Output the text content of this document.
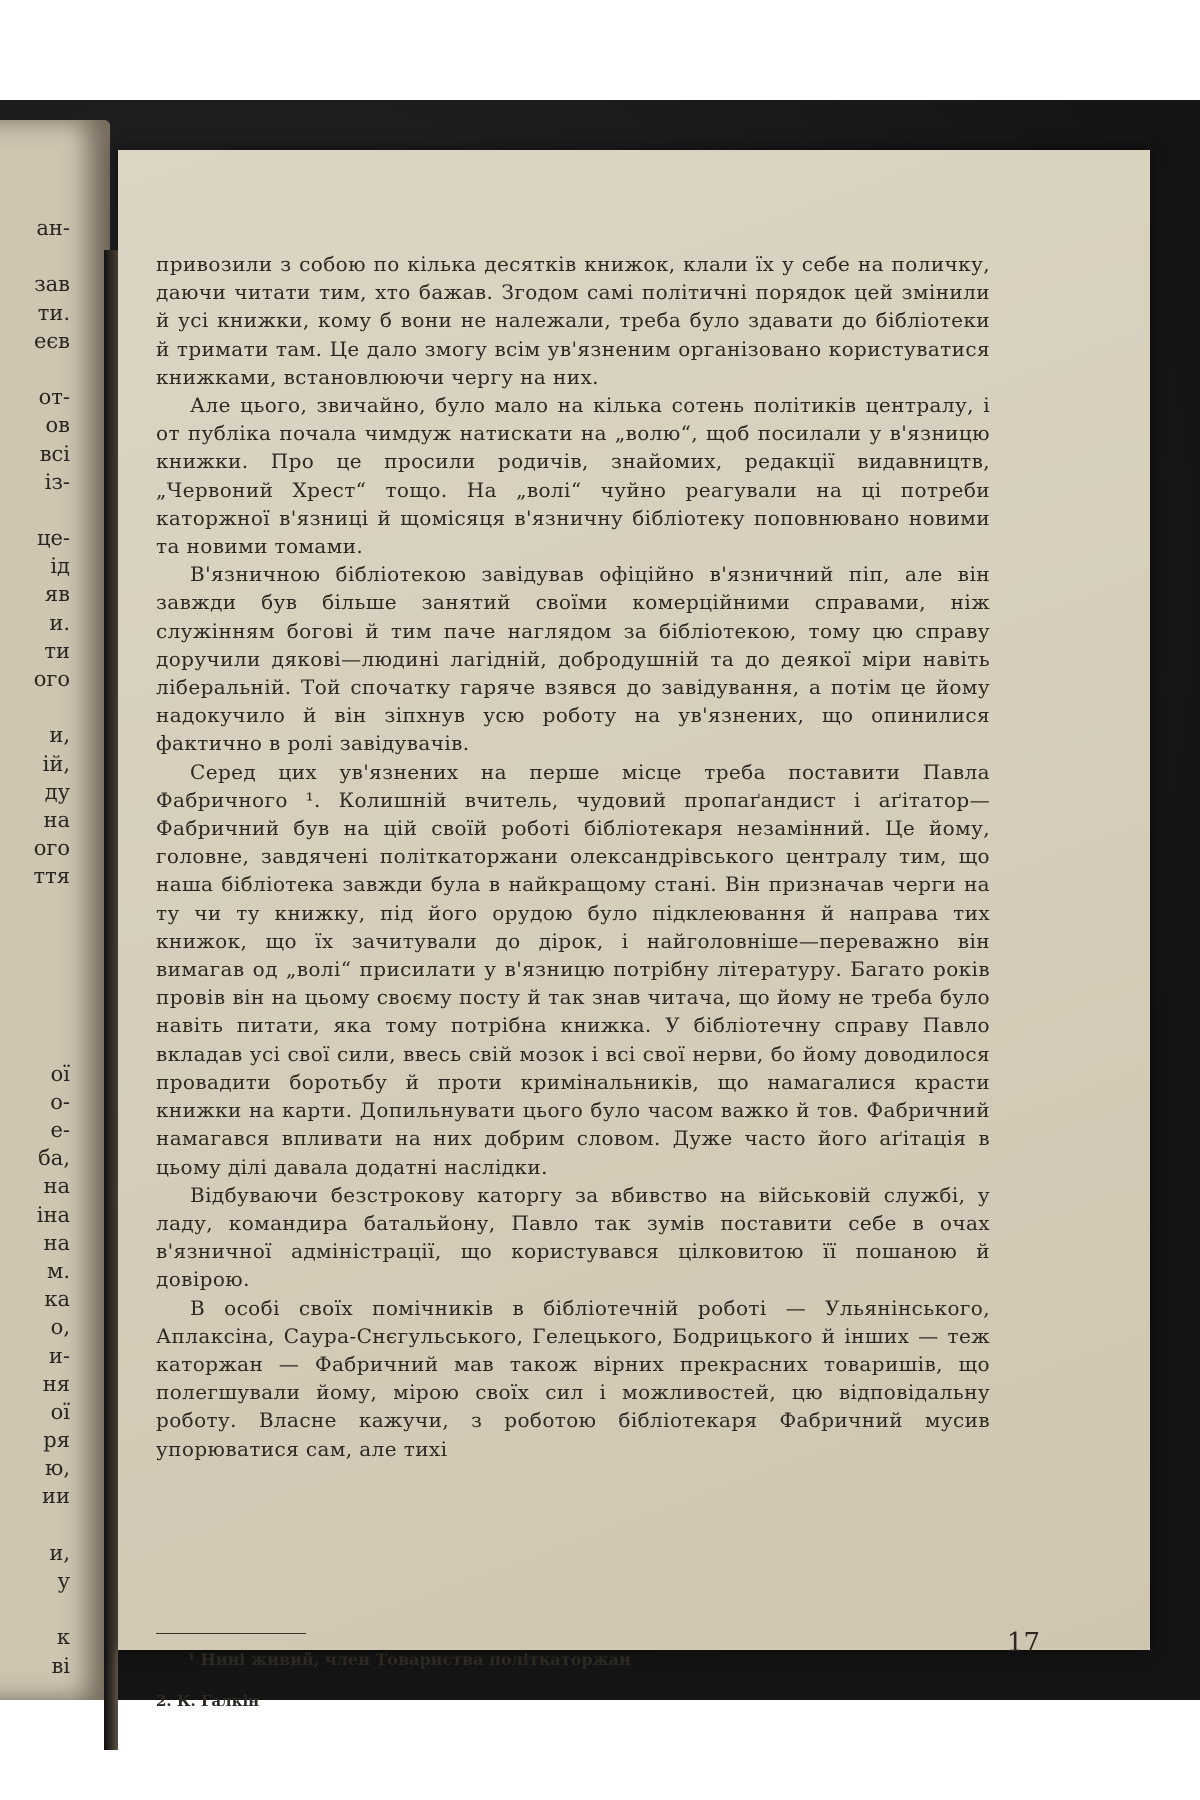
ан-
зав
ти.
еєв
от-
ов
всі
із-
це-
ід
яв
и.
ти
ого
и,
ій,
ду
на
ого
ття
ої
о-
е-
ба,
на
іна
на
м.
ка
о,
и-
ня
ої
ря
ю,
ии
и,
у
к
ві

привозили з собою по кілька десятків книжок, клали їх у себе на поличку, даючи читати тим, хто бажав. Згодом самі політичні порядок цей змінили й усі книжки, кому б вони не належали, треба було здавати до бібліотеки й тримати там. Це дало змогу всім ув'язненим організовано користуватися книжками, встановлюючи чергу на них.

Але цього, звичайно, було мало на кілька сотень політиків централу, і от публіка почала чимдуж натискати на „волю“, щоб посилали у в'язницю книжки. Про це просили родичів, знайомих, редакції видавництв, „Червоний Хрест“ тощо. На „волі“ чуйно реагували на ці потреби каторжної в'язниці й щомісяця в'язничну бібліотеку поповнювано новими та новими томами.

В'язничною бібліотекою завідував офіційно в'язничний піп, але він завжди був більше занятий своїми комерційними справами, ніж служінням богові й тим паче наглядом за бібліотекою, тому цю справу доручили дякові—людині лагідній, добродушній та до деякої міри навіть ліберальній. Той спочатку гаряче взявся до завідування, а потім це йому надокучило й він зіпхнув усю роботу на ув'язнених, що опинилися фактично в ролі завідувачів.

Серед цих ув'язнених на перше місце треба поставити Павла Фабричного ¹. Колишній вчитель, чудовий пропаґандист і аґітатор—Фабричний був на цій своїй роботі бібліотекаря незамінний. Це йому, головне, завдячені політкаторжани олександрівського централу тим, що наша бібліотека завжди була в найкращому стані. Він призначав черги на ту чи ту книжку, під його орудою було підклеювання й направа тих книжок, що їх зачитували до дірок, і найголовніше—переважно він вимагав од „волі“ присилати у в'язницю потрібну літературу. Багато років провів він на цьому своєму посту й так знав читача, що йому не треба було навіть питати, яка тому потрібна книжка. У бібліотечну справу Павло вкладав усі свої сили, ввесь свій мозок і всі свої нерви, бо йому доводилося провадити боротьбу й проти кримінальників, що намагалися красти книжки на карти. Допильнувати цього було часом важко й тов. Фабричний намагався впливати на них добрим словом. Дуже часто його аґітація в цьому ділі давала додатні наслідки.

Відбуваючи безстрокову каторгу за вбивство на військовій службі, у ладу, командира батальйону, Павло так зумів поставити себе в очах в'язничної адміністрації, що користувався цілковитою її пошаною й довірою.

В особі своїх помічників в бібліотечній роботі — Ульянінського, Аплаксіна, Саура-Снєгульського, Гелецького, Бодрицького й інших — теж каторжан — Фабричний мав також вірних прекрасних товаришів, що полегшували йому, мірою своїх сил і можливостей, цю відповідальну роботу. Власне кажучи, з роботою бібліотекаря Фабричний мусив упорюватися сам, але тихі

¹ Нині живий, член Товариства політкаторжан
2. К. Галкін
17
